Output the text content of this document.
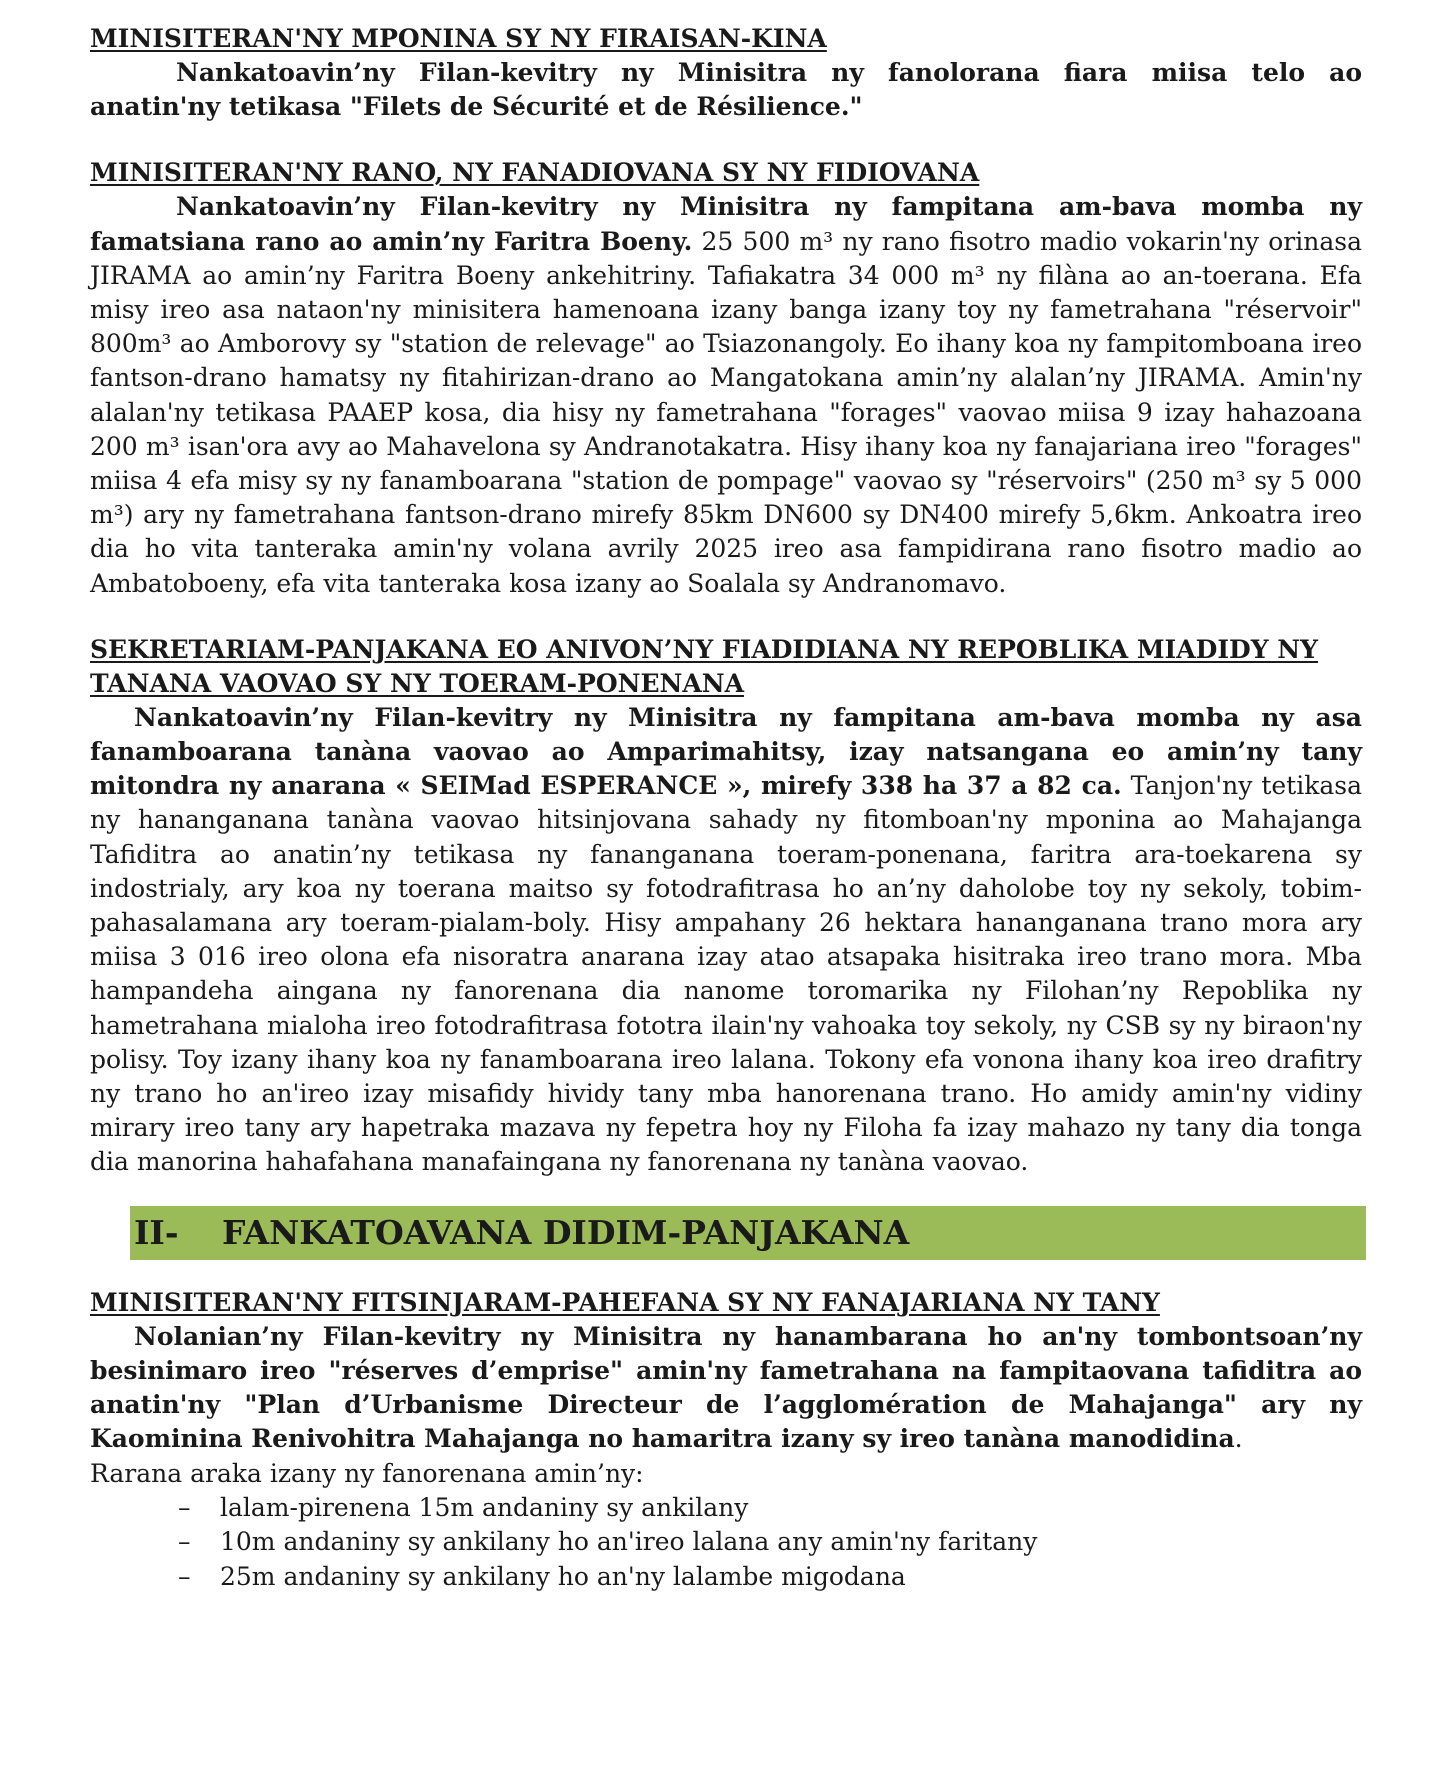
MINISITERAN'NY MPONINA SY NY FIRAISAN-KINA

Nankatoavin’ny Filan-kevitry ny Minisitra ny fanolorana fiara miisa telo ao anatin'ny tetikasa "Filets de Sécurité et de Résilience."

MINISITERAN'NY RANO, NY FANADIOVANA SY NY FIDIOVANA

Nankatoavin’ny Filan-kevitry ny Minisitra ny fampitana am-bava momba ny famatsiana rano ao amin’ny Faritra Boeny. 25 500 m³ ny rano fisotro madio vokarin'ny orinasa JIRAMA ao amin’ny Faritra Boeny ankehitriny. Tafiakatra 34 000 m³ ny filàna ao an-toerana. Efa misy ireo asa nataon'ny minisitera hamenoana izany banga izany toy ny fametrahana "réservoir" 800m³ ao Amborovy sy "station de relevage" ao Tsiazonangoly. Eo ihany koa ny fampitomboana ireo fantson-drano hamatsy ny fitahirizan-drano ao Mangatokana amin’ny alalan’ny JIRAMA. Amin'ny alalan'ny tetikasa PAAEP kosa, dia hisy ny fametrahana "forages" vaovao miisa 9 izay hahazoana 200 m³ isan'ora avy ao Mahavelona sy Andranotakatra. Hisy ihany koa ny fanajariana ireo "forages" miisa 4 efa misy sy ny fanamboarana "station de pompage" vaovao sy "réservoirs" (250 m³ sy 5 000 m³) ary ny fametrahana fantson-drano mirefy 85km DN600 sy DN400 mirefy 5,6km. Ankoatra ireo dia ho vita tanteraka amin'ny volana avrily 2025 ireo asa fampidirana rano fisotro madio ao Ambatoboeny, efa vita tanteraka kosa izany ao Soalala sy Andranomavo.

SEKRETARIAM-PANJAKANA EO ANIVON’NY FIADIDIANA NY REPOBLIKA MIADIDY NY TANANA VAOVAO SY NY TOERAM-PONENANA

Nankatoavin’ny Filan-kevitry ny Minisitra ny fampitana am-bava momba ny asa fanamboarana tanàna vaovao ao Amparimahitsy, izay natsangana eo amin’ny tany mitondra ny anarana « SEIMad ESPERANCE », mirefy 338 ha 37 a 82 ca. Tanjon'ny tetikasa ny hananganana tanàna vaovao hitsinjovana sahady ny fitomboan'ny mponina ao Mahajanga Tafiditra ao anatin’ny tetikasa ny fananganana toeram-ponenana, faritra ara-toekarena sy indostrialy, ary koa ny toerana maitso sy fotodrafitrasa ho an’ny daholobe toy ny sekoly, tobim-pahasalamana ary toeram-pialam-boly. Hisy ampahany 26 hektara hananganana trano mora ary miisa 3 016 ireo olona efa nisoratra anarana izay atao atsapaka hisitraka ireo trano mora. Mba hampandeha aingana ny fanorenana dia nanome toromarika ny Filohan’ny Repoblika ny hametrahana mialoha ireo fotodrafitrasa fototra ilain'ny vahoaka toy sekoly, ny CSB sy ny biraon'ny polisy. Toy izany ihany koa ny fanamboarana ireo lalana. Tokony efa vonona ihany koa ireo drafitry ny trano ho an'ireo izay misafidy hividy tany mba hanorenana trano. Ho amidy amin'ny vidiny mirary ireo tany ary hapetraka mazava ny fepetra hoy ny Filoha fa izay mahazo ny tany dia tonga dia manorina hahafahana manafaingana ny fanorenana ny tanàna vaovao.

II-	FANKATOAVANA DIDIM-PANJAKANA
MINISITERAN'NY FITSINJARAM-PAHEFANA SY NY FANAJARIANA NY TANY

Nolanian’ny Filan-kevitry ny Minisitra ny hanambarana ho an'ny tombontsoan’ny besinimaro ireo "réserves d’emprise" amin'ny fametrahana na fampitaovana tafiditra ao anatin'ny "Plan d’Urbanisme Directeur de l’agglomération de Mahajanga" ary ny Kaominina Renivohitra Mahajanga no hamaritra izany sy ireo tanàna manodidina.

Rarana araka izany ny fanorenana amin’ny:

– lalam-pirenena 15m andaniny sy ankilany
– 10m andaniny sy ankilany ho an'ireo lalana any amin'ny faritany
– 25m andaniny sy ankilany ho an'ny lalambe migodana
